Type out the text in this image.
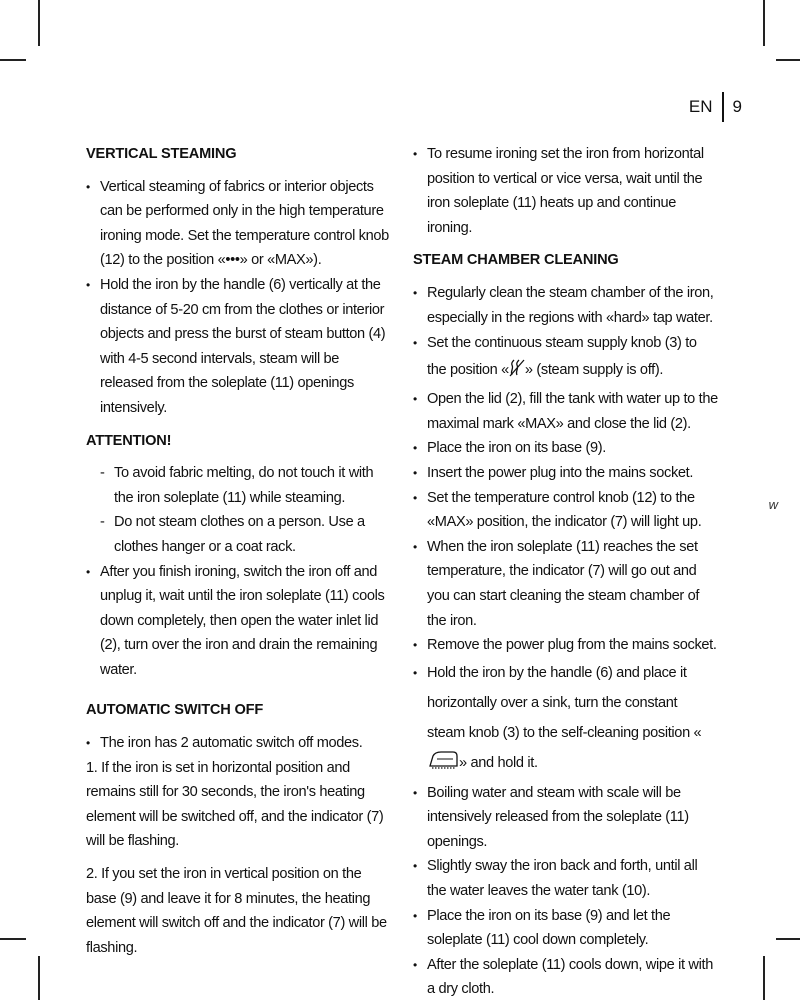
EN 9
w
VERTICAL STEAMING
• Vertical steaming of fabrics or interior objects can be performed only in the high temperature ironing mode. Set the temperature control knob (12) to the position «•••» or «MAX»).
• Hold the iron by the handle (6) vertically at the distance of 5-20 cm from the clothes or interior objects and press the burst of steam button (4) with 4-5 second intervals, steam will be released from the soleplate (11) openings intensively.
ATTENTION!
- To avoid fabric melting, do not touch it with the iron soleplate (11) while steaming.
- Do not steam clothes on a person. Use a clothes hanger or a coat rack.
• After you finish ironing, switch the iron off and unplug it, wait until the iron soleplate (11) cools down completely, then open the water inlet lid (2), turn over the iron and drain the remaining water.
AUTOMATIC SWITCH OFF
• The iron has 2 automatic switch off modes.

1. If the iron is set in horizontal position and remains still for 30 seconds, the iron's heating element will be switched off, and the indicator (7) will be flashing.

2. If you set the iron in vertical position on the base (9) and leave it for 8 minutes, the heating element will switch off and the indicator (7) will be flashing.

• To resume ironing set the iron from horizontal position to vertical or vice versa, wait until the iron soleplate (11) heats up and continue ironing.
STEAM CHAMBER CLEANING
• Regularly clean the steam chamber of the iron, especially in the regions with «hard» tap water.
• Set the continuous steam supply knob (3) to the position « » (steam supply is off).
• Open the lid (2), fill the tank with water up to the maximal mark «MAX» and close the lid (2).
• Place the iron on its base (9).
• Insert the power plug into the mains socket.
• Set the temperature control knob (12) to the «MAX» position, the indicator (7) will light up.
• When the iron soleplate (11) reaches the set temperature, the indicator (7) will go out and you can start cleaning the steam chamber of the iron.
• Remove the power plug from the mains socket.
• Hold the iron by the handle (6) and place it horizontally over a sink, turn the constant steam knob (3) to the self-cleaning position «» and hold it.
• Boiling water and steam with scale will be intensively released from the soleplate (11) openings.
• Slightly sway the iron back and forth, until all the water leaves the water tank (10).
• Place the iron on its base (9) and let the soleplate (11) cool down completely.
• After the soleplate (11) cools down, wipe it with a dry cloth.
